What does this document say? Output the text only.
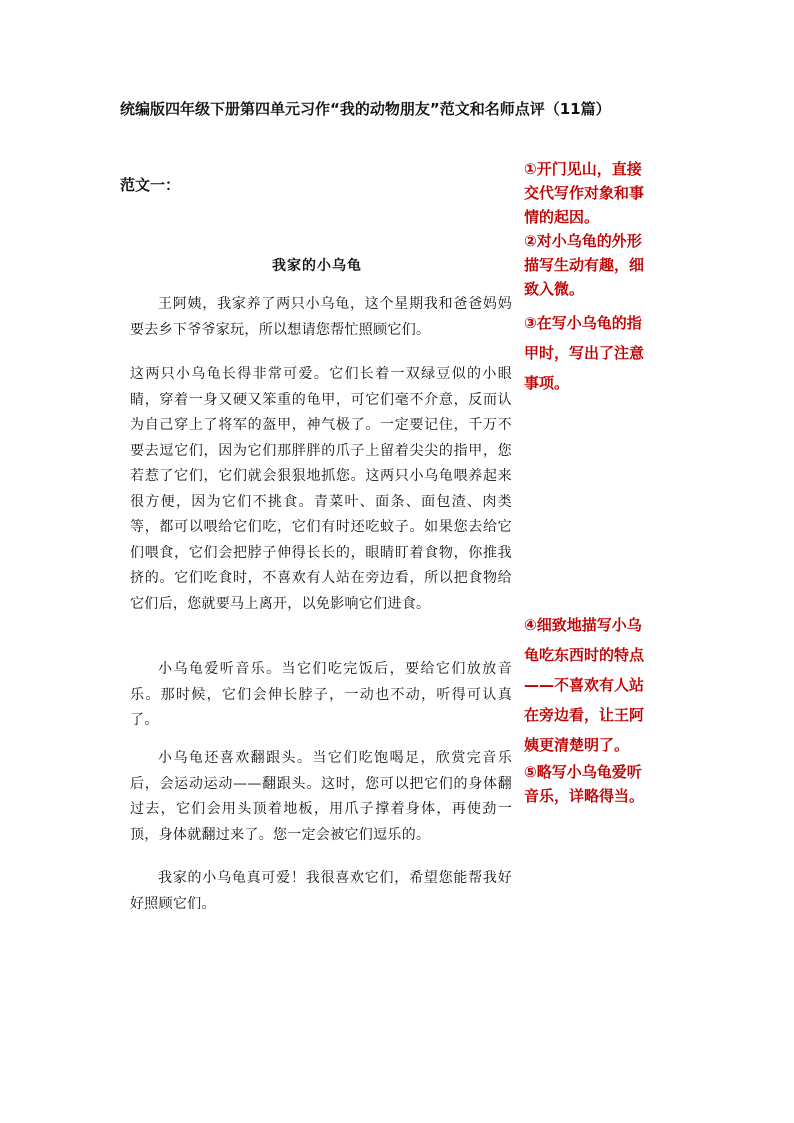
统编版四年级下册第四单元习作“我的动物朋友”范文和名师点评（11篇）
范文一：
我家的小乌龟

王阿姨，我家养了两只小乌龟，这个星期我和爸爸妈妈要去乡下爷爷家玩，所以想请您帮忙照顾它们。

这两只小乌龟长得非常可爱。它们长着一双绿豆似的小眼睛，穿着一身又硬又笨重的龟甲，可它们毫不介意，反而认为自己穿上了将军的盔甲，神气极了。一定要记住，千万不要去逗它们，因为它们那胖胖的爪子上留着尖尖的指甲，您若惹了它们，它们就会狠狠地抓您。这两只小乌龟喂养起来很方便，因为它们不挑食。青菜叶、面条、面包渣、肉类等，都可以喂给它们吃，它们有时还吃蚊子。如果您去给它们喂食，它们会把脖子伸得长长的，眼睛盯着食物，你推我挤的。它们吃食时，不喜欢有人站在旁边看，所以把食物给它们后，您就要马上离开，以免影响它们进食。

小乌龟爱听音乐。当它们吃完饭后，要给它们放放音乐。那时候，它们会伸长脖子，一动也不动，听得可认真了。

小乌龟还喜欢翻跟头。当它们吃饱喝足，欣赏完音乐后，会运动运动——翻跟头。这时，您可以把它们的身体翻过去，它们会用头顶着地板，用爪子撑着身体，再使劲一顶，身体就翻过来了。您一定会被它们逗乐的。

我家的小乌龟真可爱！我很喜欢它们，希望您能帮我好好照顾它们。

①开门见山，直接交代写作对象和事情的起因。

②对小乌龟的外形描写生动有趣，细致入微。

③在写小乌龟的指甲时，写出了注意事项。

④细致地描写小乌龟吃东西时的特点——不喜欢有人站在旁边看，让王阿姨更清楚明了。

⑤略写小乌龟爱听音乐，详略得当。
